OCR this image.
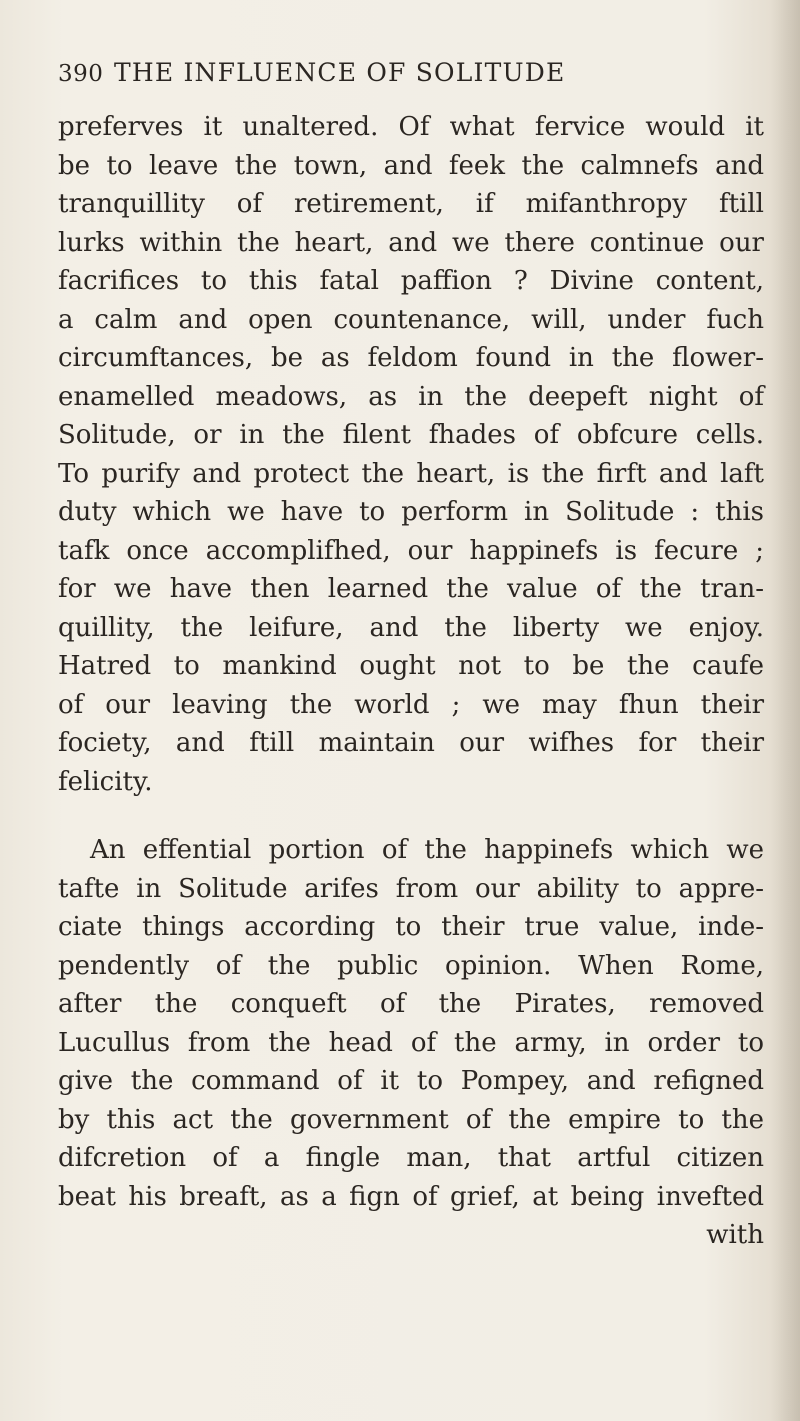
390 THE INFLUENCE OF SOLITUDE

preferves it unaltered. Of what fervice would it
be to leave the town, and feek the calmnefs and
tranquillity of retirement, if mifanthropy ftill
lurks within the heart, and we there continue our
facrifices to this fatal paffion ? Divine content,
a calm and open countenance, will, under fuch
circumftances, be as feldom found in the flower-
enamelled meadows, as in the deepeft night of
Solitude, or in the filent fhades of obfcure cells.
To purify and protect the heart, is the firft and laft
duty which we have to perform in Solitude : this
tafk once accomplifhed, our happinefs is fecure ;
for we have then learned the value of the tran-
quillity, the leifure, and the liberty we enjoy.
Hatred to mankind ought not to be the caufe
of our leaving the world ; we may fhun their
fociety, and ftill maintain our wifhes for their
felicity.

An effential portion of the happinefs which we
tafte in Solitude arifes from our ability to appre-
ciate things according to their true value, inde-
pendently of the public opinion. When Rome,
after the conqueft of the Pirates, removed
Lucullus from the head of the army, in order to
give the command of it to Pompey, and refigned
by this act the government of the empire to the
difcretion of a fingle man, that artful citizen
beat his breaft, as a fign of grief, at being invefted
with
